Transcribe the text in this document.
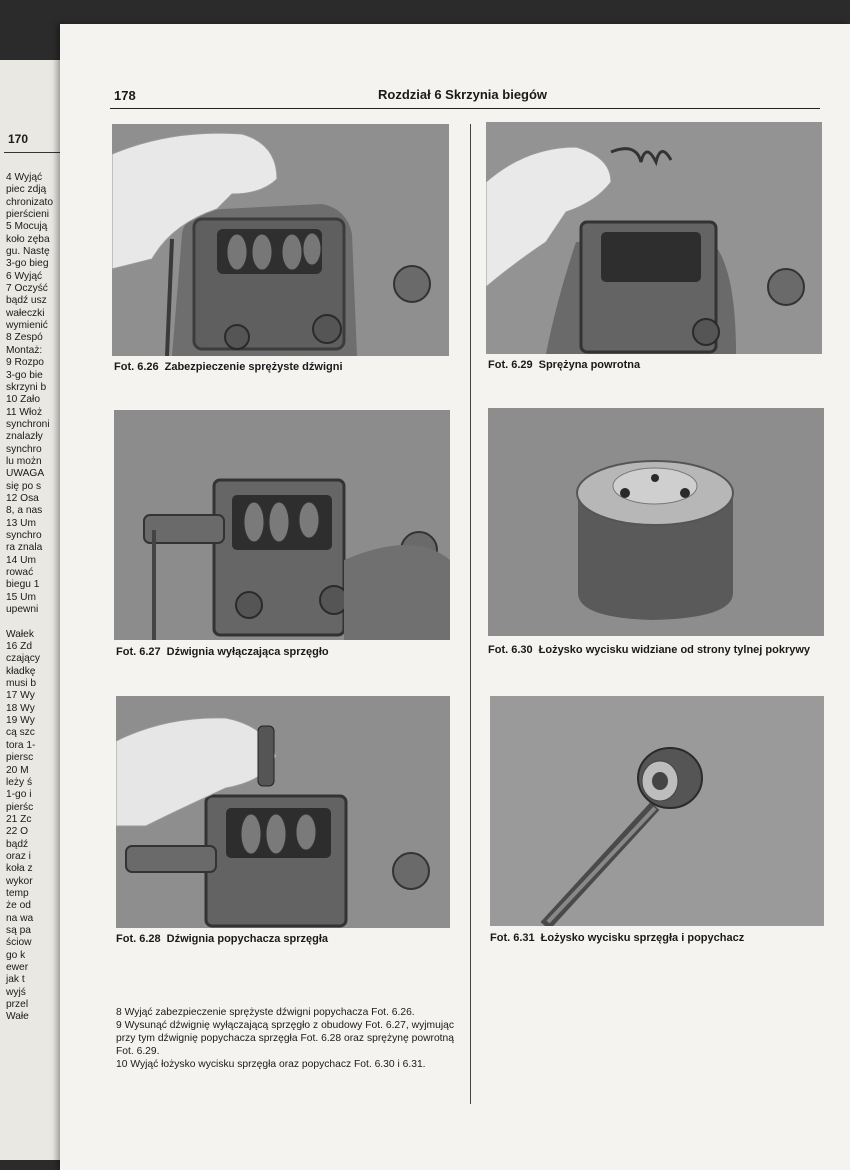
170
4 Wyjąć
piec zdją
chronizato
pierścieni
5 Mocują
koło zęba
gu. Nastę
3-go bieg
6 Wyjąć
7 Oczyść
bądź usz
wałeczki
wymienić
8 Zespó
Montaż:
9 Rozpo
3-go bie
skrzyni b
10 Zało
11 Włoż
synchroni
znalazły
synchro
lu możn
UWAGA
się po s
12 Osa
8, a nas
13 Um
synchro
ra znala
14 Um
rować
biegu 1
15 Um
upewni
Wałek
16 Zd
czający
kładkę
musi b
17 Wy
18 Wy
19 Wy
cą szc
tora 1-
piersc
20 M
leży ś
1-go i
pierśc
21 Zc
22 O
bądź
oraz i
koła z
wykor
temp
że od
na wa
są pa
ściow
go k
ewer
jak t
wyjś
przel
Wałe
178	Rozdział 6 Skrzynia biegów
Fot. 6.26 Zabezpieczenie sprężyste dźwigni
Fot. 6.27 Dźwignia wyłączająca sprzęgło
Fot. 6.28 Dźwignia popychacza sprzęgła
Fot. 6.29 Sprężyna powrotna
Fot. 6.30 Łożysko wycisku widziane od strony tylnej pokrywy
Fot. 6.31 Łożysko wycisku sprzęgła i popychacz

8 Wyjąć zabezpieczenie sprężyste dźwigni popychacza Fot. 6.26.

9 Wysunąć dźwignię wyłączającą sprzęgło z obudowy Fot. 6.27, wyjmując przy tym dźwignię popychacza sprzęgła Fot. 6.28 oraz sprężynę powrotną Fot. 6.29.

10 Wyjąć łożysko wycisku sprzęgła oraz popychacz Fot. 6.30 i 6.31.
